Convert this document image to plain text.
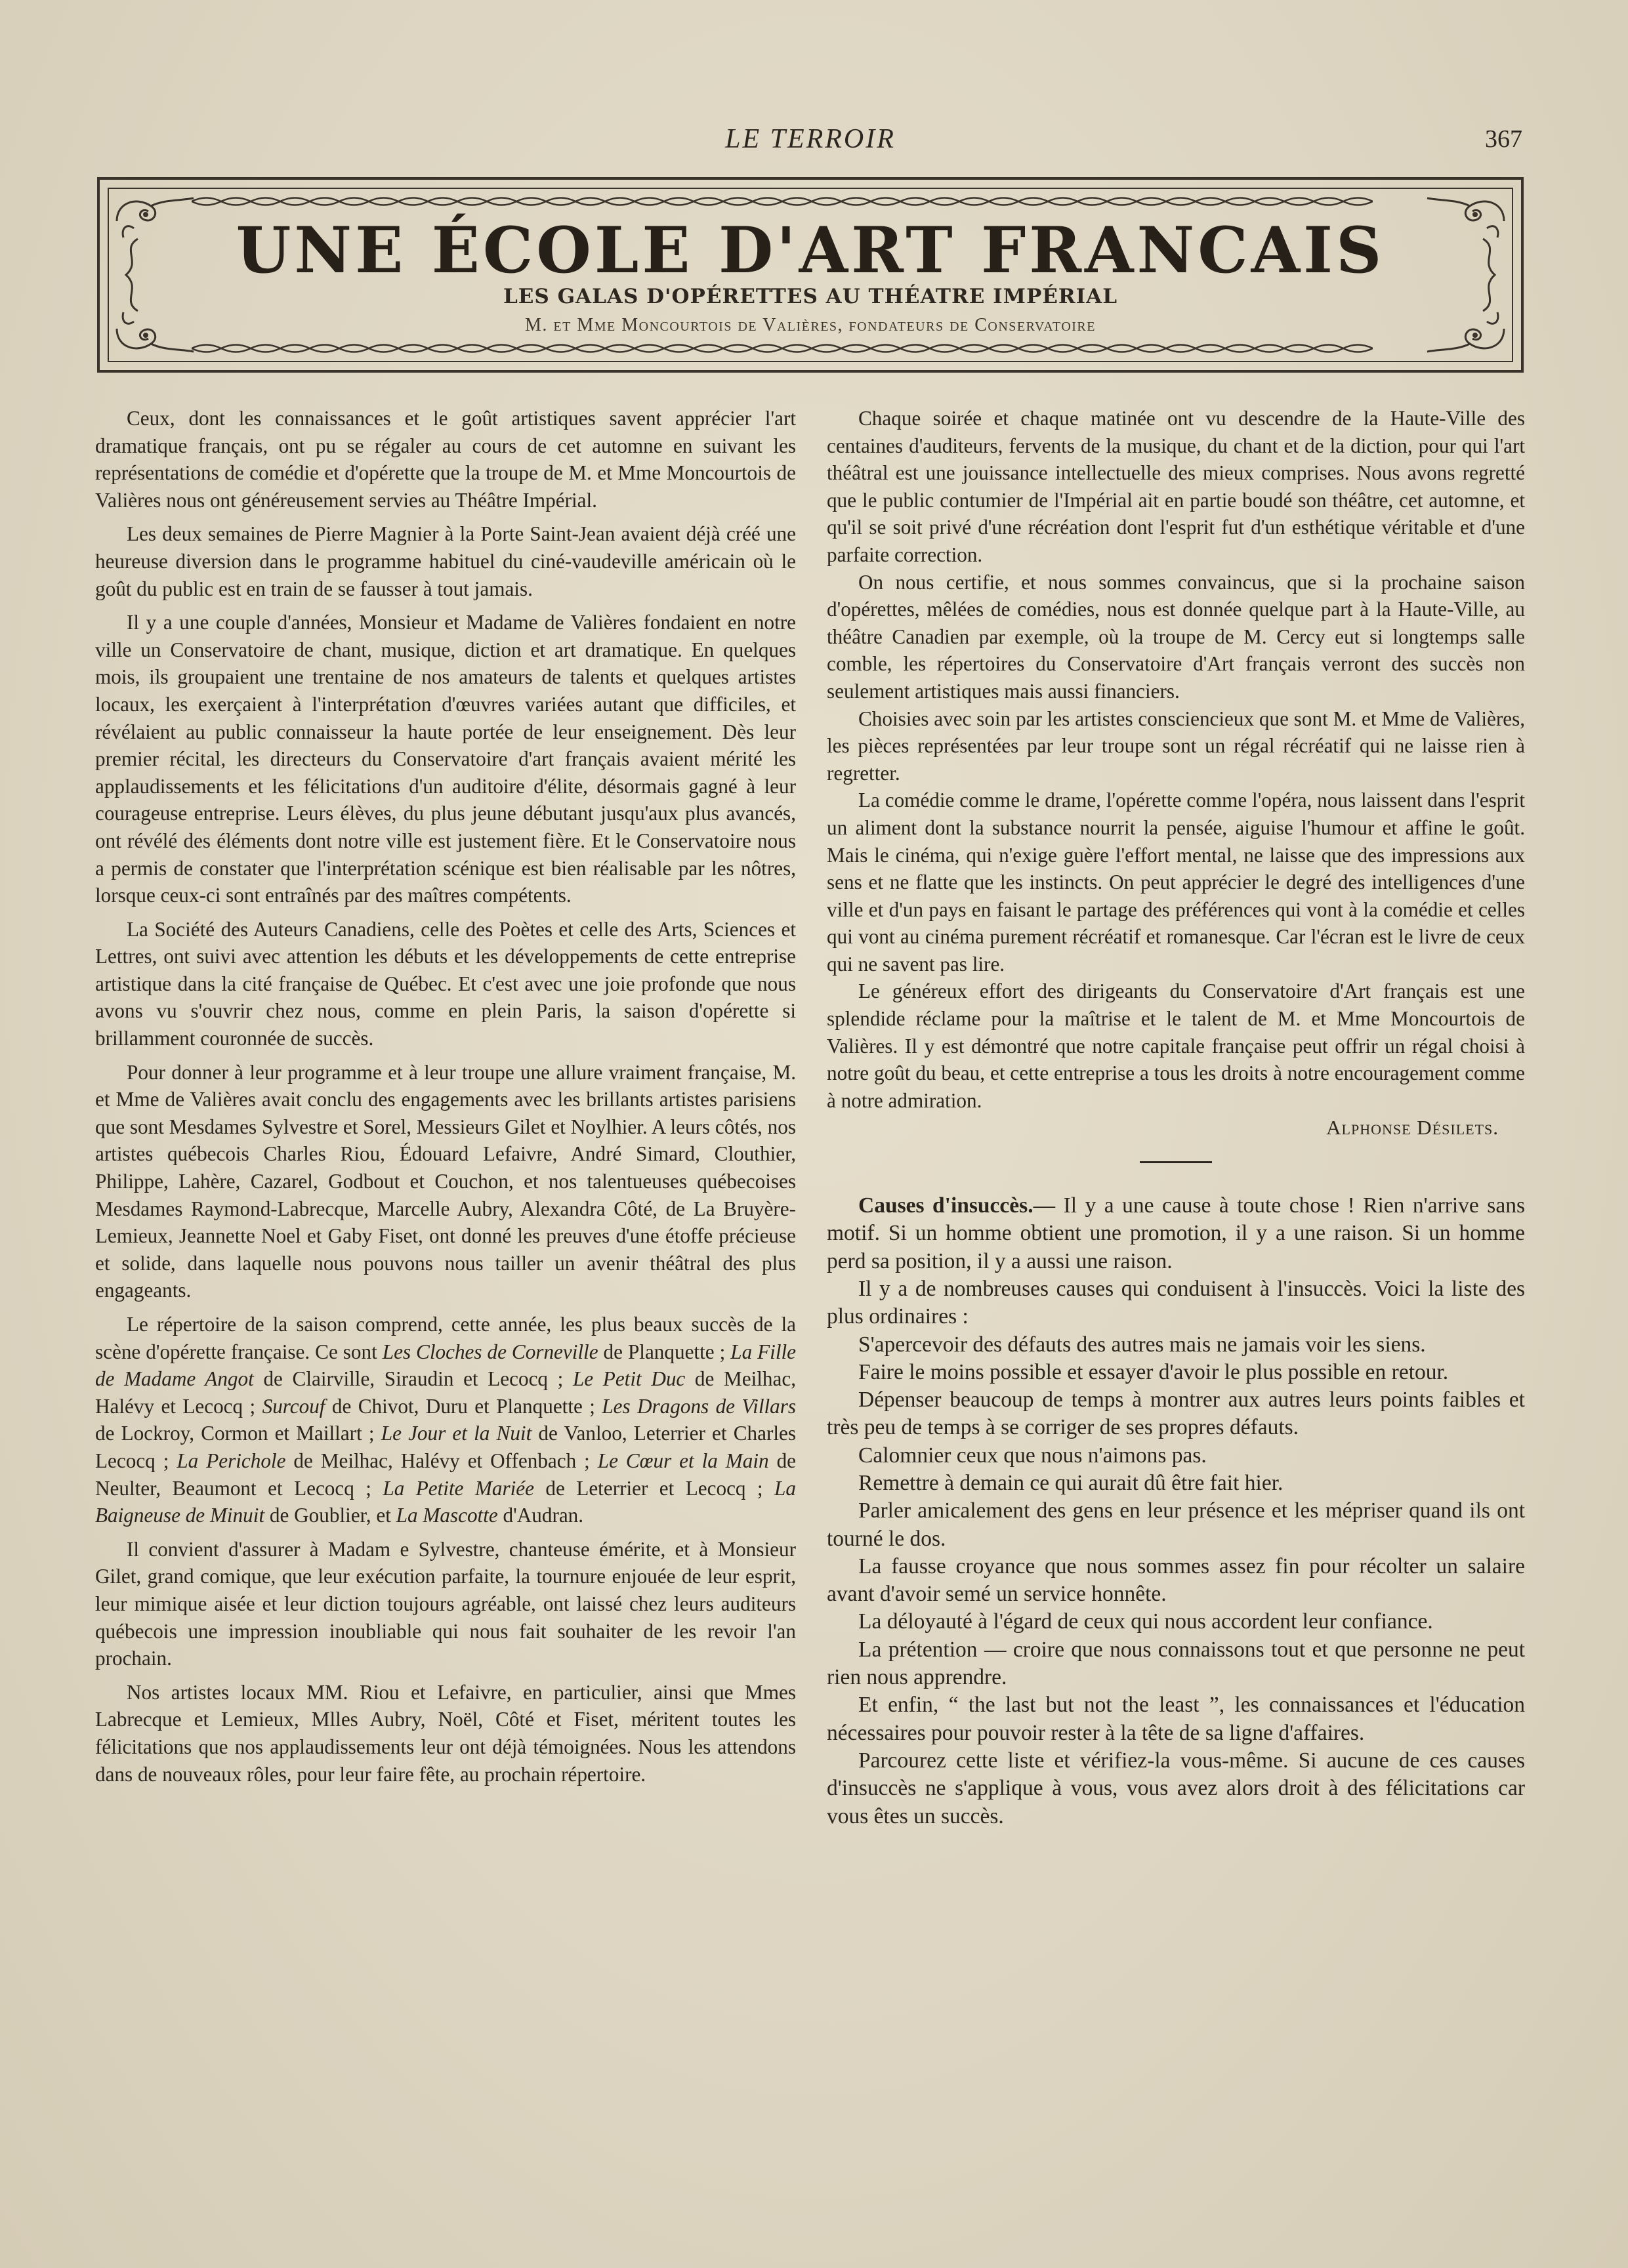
LE TERROIR	367
UNE ÉCOLE D'ART FRANCAIS
LES GALAS D'OPÉRETTES AU THÉATRE IMPÉRIAL
M. et Mme Moncourtois de Valières, fondateurs de Conservatoire

Ceux, dont les connaissances et le goût artistiques savent apprécier l'art dramatique français, ont pu se régaler au cours de cet automne en suivant les représentations de comédie et d'opérette que la troupe de M. et Mme Moncourtois de Valières nous ont généreusement servies au Théâtre Impérial.

Les deux semaines de Pierre Magnier à la Porte Saint-Jean avaient déjà créé une heureuse diversion dans le programme habituel du ciné-vaudeville américain où le goût du public est en train de se fausser à tout jamais.

Il y a une couple d'années, Monsieur et Madame de Valières fondaient en notre ville un Conservatoire de chant, musique, diction et art dramatique. En quelques mois, ils groupaient une trentaine de nos amateurs de talents et quelques artistes locaux, les exerçaient à l'interprétation d'œuvres variées autant que difficiles, et révélaient au public connaisseur la haute portée de leur enseignement. Dès leur premier récital, les directeurs du Conservatoire d'art français avaient mérité les applaudissements et les félicitations d'un auditoire d'élite, désormais gagné à leur courageuse entreprise. Leurs élèves, du plus jeune débutant jusqu'aux plus avancés, ont révélé des éléments dont notre ville est justement fière. Et le Conservatoire nous a permis de constater que l'interprétation scénique est bien réalisable par les nôtres, lorsque ceux-ci sont entraînés par des maîtres compétents.

La Société des Auteurs Canadiens, celle des Poètes et celle des Arts, Sciences et Lettres, ont suivi avec attention les débuts et les développements de cette entreprise artistique dans la cité française de Québec. Et c'est avec une joie profonde que nous avons vu s'ouvrir chez nous, comme en plein Paris, la saison d'opérette si brillamment couronnée de succès.

Pour donner à leur programme et à leur troupe une allure vraiment française, M. et Mme de Valières avait conclu des engagements avec les brillants artistes parisiens que sont Mesdames Sylvestre et Sorel, Messieurs Gilet et Noylhier. A leurs côtés, nos artistes québecois Charles Riou, Édouard Lefaivre, André Simard, Clouthier, Philippe, Lahère, Cazarel, Godbout et Couchon, et nos talentueuses québecoises Mesdames Raymond-Labrecque, Marcelle Aubry, Alexandra Côté, de La Bruyère-Lemieux, Jeannette Noel et Gaby Fiset, ont donné les preuves d'une étoffe précieuse et solide, dans laquelle nous pouvons nous tailler un avenir théâtral des plus engageants.

Le répertoire de la saison comprend, cette année, les plus beaux succès de la scène d'opérette française. Ce sont Les Cloches de Corneville de Planquette ; La Fille de Madame Angot de Clairville, Siraudin et Lecocq ; Le Petit Duc de Meilhac, Halévy et Lecocq ; Surcouf de Chivot, Duru et Planquette ; Les Dragons de Villars de Lockroy, Cormon et Maillart ; Le Jour et la Nuit de Vanloo, Leterrier et Charles Lecocq ; La Perichole de Meilhac, Halévy et Offenbach ; Le Cœur et la Main de Neulter, Beaumont et Lecocq ; La Petite Mariée de Leterrier et Lecocq ; La Baigneuse de Minuit de Goublier, et La Mascotte d'Audran.

Il convient d'assurer à Madam e Sylvestre, chanteuse émérite, et à Monsieur Gilet, grand comique, que leur exécution parfaite, la tournure enjouée de leur esprit, leur mimique aisée et leur diction toujours agréable, ont laissé chez leurs auditeurs québecois une impression inoubliable qui nous fait souhaiter de les revoir l'an prochain.

Nos artistes locaux MM. Riou et Lefaivre, en particulier, ainsi que Mmes Labrecque et Lemieux, Mlles Aubry, Noël, Côté et Fiset, méritent toutes les félicitations que nos applaudissements leur ont déjà témoignées. Nous les attendons dans de nouveaux rôles, pour leur faire fête, au prochain répertoire.

Chaque soirée et chaque matinée ont vu descendre de la Haute-Ville des centaines d'auditeurs, fervents de la musique, du chant et de la diction, pour qui l'art théâtral est une jouissance intellectuelle des mieux comprises. Nous avons regretté que le public contumier de l'Impérial ait en partie boudé son théâtre, cet automne, et qu'il se soit privé d'une récréation dont l'esprit fut d'un esthétique véritable et d'une parfaite correction.

On nous certifie, et nous sommes convaincus, que si la prochaine saison d'opérettes, mêlées de comédies, nous est donnée quelque part à la Haute-Ville, au théâtre Canadien par exemple, où la troupe de M. Cercy eut si longtemps salle comble, les répertoires du Conservatoire d'Art français verront des succès non seulement artistiques mais aussi financiers.

Choisies avec soin par les artistes consciencieux que sont M. et Mme de Valières, les pièces représentées par leur troupe sont un régal récréatif qui ne laisse rien à regretter.

La comédie comme le drame, l'opérette comme l'opéra, nous laissent dans l'esprit un aliment dont la substance nourrit la pensée, aiguise l'humour et affine le goût. Mais le cinéma, qui n'exige guère l'effort mental, ne laisse que des impressions aux sens et ne flatte que les instincts. On peut apprécier le degré des intelligences d'une ville et d'un pays en faisant le partage des préférences qui vont à la comédie et celles qui vont au cinéma purement récréatif et romanesque. Car l'écran est le livre de ceux qui ne savent pas lire.

Le généreux effort des dirigeants du Conservatoire d'Art français est une splendide réclame pour la maîtrise et le talent de M. et Mme Moncourtois de Valières. Il y est démontré que notre capitale française peut offrir un régal choisi à notre goût du beau, et cette entreprise a tous les droits à notre encouragement comme à notre admiration.

Alphonse Désilets.

Causes d'insuccès.— Il y a une cause à toute chose ! Rien n'arrive sans motif. Si un homme obtient une promotion, il y a une raison. Si un homme perd sa position, il y a aussi une raison.

Il y a de nombreuses causes qui conduisent à l'insuccès. Voici la liste des plus ordinaires :

S'apercevoir des défauts des autres mais ne jamais voir les siens.

Faire le moins possible et essayer d'avoir le plus possible en retour.

Dépenser beaucoup de temps à montrer aux autres leurs points faibles et très peu de temps à se corriger de ses propres défauts.

Calomnier ceux que nous n'aimons pas.

Remettre à demain ce qui aurait dû être fait hier.

Parler amicalement des gens en leur présence et les mépriser quand ils ont tourné le dos.

La fausse croyance que nous sommes assez fin pour récolter un salaire avant d'avoir semé un service honnête.

La déloyauté à l'égard de ceux qui nous accordent leur confiance.

La prétention — croire que nous connaissons tout et que personne ne peut rien nous apprendre.

Et enfin, “ the last but not the least ”, les connaissances et l'éducation nécessaires pour pouvoir rester à la tête de sa ligne d'affaires.

Parcourez cette liste et vérifiez-la vous-même. Si aucune de ces causes d'insuccès ne s'applique à vous, vous avez alors droit à des félicitations car vous êtes un succès.
